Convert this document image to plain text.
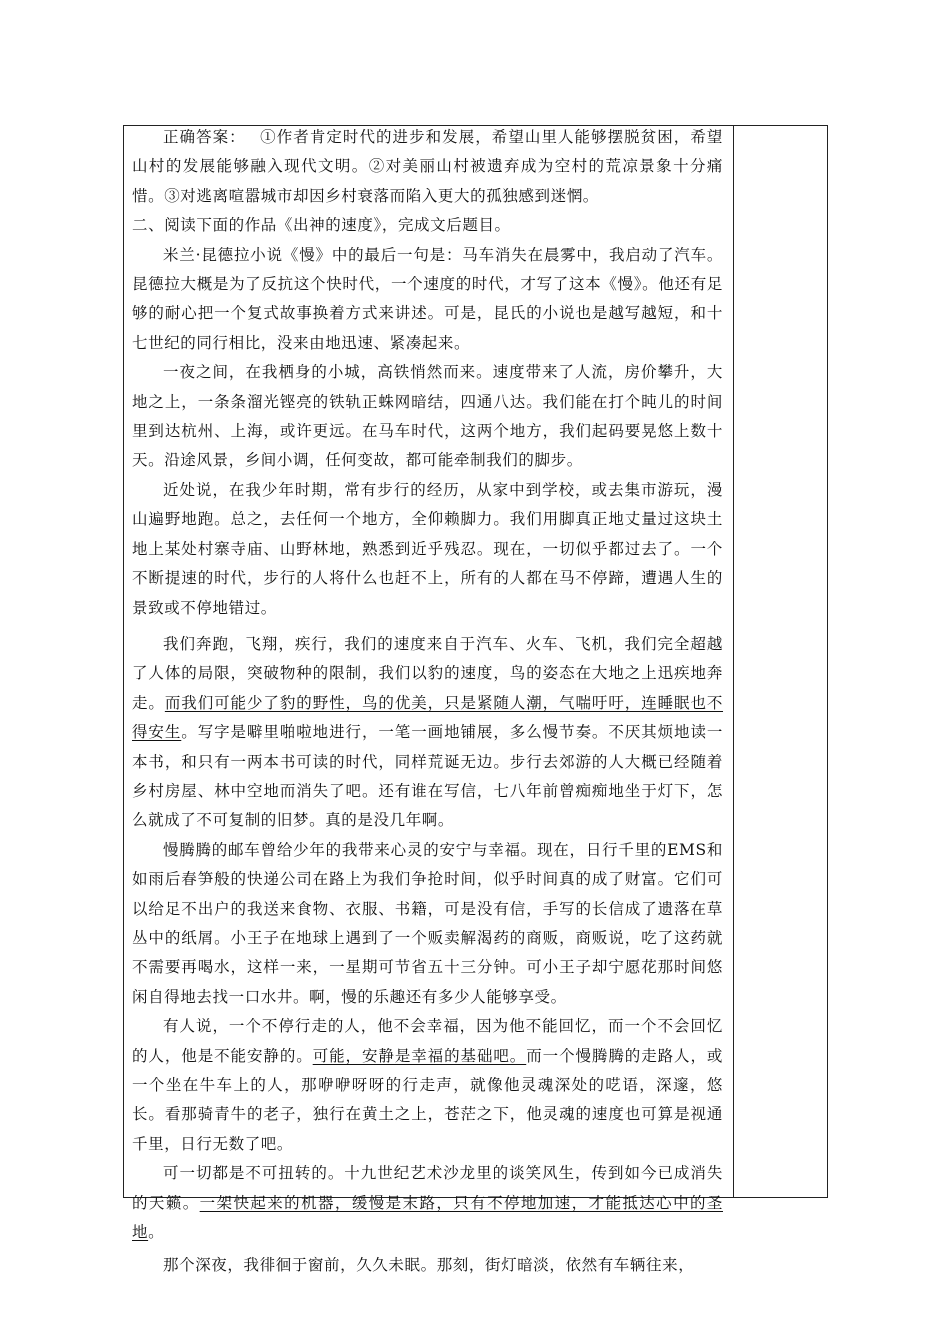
正确答案： ①作者肯定时代的进步和发展，希望山里人能够摆脱贫困，希望山村的发展能够融入现代文明。②对美丽山村被遗弃成为空村的荒凉景象十分痛惜。③对逃离喧嚣城市却因乡村衰落而陷入更大的孤独感到迷惘。

二、阅读下面的作品《出神的速度》，完成文后题目。

米兰·昆德拉小说《慢》中的最后一句是：马车消失在晨雾中，我启动了汽车。昆德拉大概是为了反抗这个快时代，一个速度的时代，才写了这本《慢》。他还有足够的耐心把一个复式故事换着方式来讲述。可是，昆氏的小说也是越写越短，和十七世纪的同行相比，没来由地迅速、紧凑起来。

一夜之间，在我栖身的小城，高铁悄然而来。速度带来了人流，房价攀升，大地之上，一条条溜光铿亮的铁轨正蛛网暗结，四通八达。我们能在打个盹儿的时间里到达杭州、上海，或许更远。在马车时代，这两个地方，我们起码要晃悠上数十天。沿途风景，乡间小调，任何变故，都可能牵制我们的脚步。

近处说，在我少年时期，常有步行的经历，从家中到学校，或去集市游玩，漫山遍野地跑。总之，去任何一个地方，全仰赖脚力。我们用脚真正地丈量过这块土地上某处村寨寺庙、山野林地，熟悉到近乎残忍。现在，一切似乎都过去了。一个不断提速的时代，步行的人将什么也赶不上，所有的人都在马不停蹄，遭遇人生的景致或不停地错过。

我们奔跑，飞翔，疾行，我们的速度来自于汽车、火车、飞机，我们完全超越了人体的局限，突破物种的限制，我们以豹的速度，鸟的姿态在大地之上迅疾地奔走。而我们可能少了豹的野性，鸟的优美，只是紧随人潮，气喘吁吁，连睡眠也不得安生。写字是噼里啪啦地进行，一笔一画地铺展，多么慢节奏。不厌其烦地读一本书，和只有一两本书可读的时代，同样荒诞无边。步行去郊游的人大概已经随着乡村房屋、林中空地而消失了吧。还有谁在写信，七八年前曾痴痴地坐于灯下，怎么就成了不可复制的旧梦。真的是没几年啊。

慢腾腾的邮车曾给少年的我带来心灵的安宁与幸福。现在，日行千里的EMS和如雨后春笋般的快递公司在路上为我们争抢时间，似乎时间真的成了财富。它们可以给足不出户的我送来食物、衣服、书籍，可是没有信，手写的长信成了遗落在草丛中的纸屑。小王子在地球上遇到了一个贩卖解渴药的商贩，商贩说，吃了这药就不需要再喝水，这样一来，一星期可节省五十三分钟。可小王子却宁愿花那时间悠闲自得地去找一口水井。啊，慢的乐趣还有多少人能够享受。

有人说，一个不停行走的人，他不会幸福，因为他不能回忆，而一个不会回忆的人，他是不能安静的。可能，安静是幸福的基础吧。而一个慢腾腾的走路人，或一个坐在牛车上的人，那咿咿呀呀的行走声，就像他灵魂深处的呓语，深邃，悠长。看那骑青牛的老子，独行在黄土之上，苍茫之下，他灵魂的速度也可算是视通千里，日行无数了吧。

可一切都是不可扭转的。十九世纪艺术沙龙里的谈笑风生，传到如今已成消失的天籁。一架快起来的机器，缓慢是末路，只有不停地加速，才能抵达心中的圣地。

那个深夜，我徘徊于窗前，久久未眠。那刻，街灯暗淡，依然有车辆往来，
